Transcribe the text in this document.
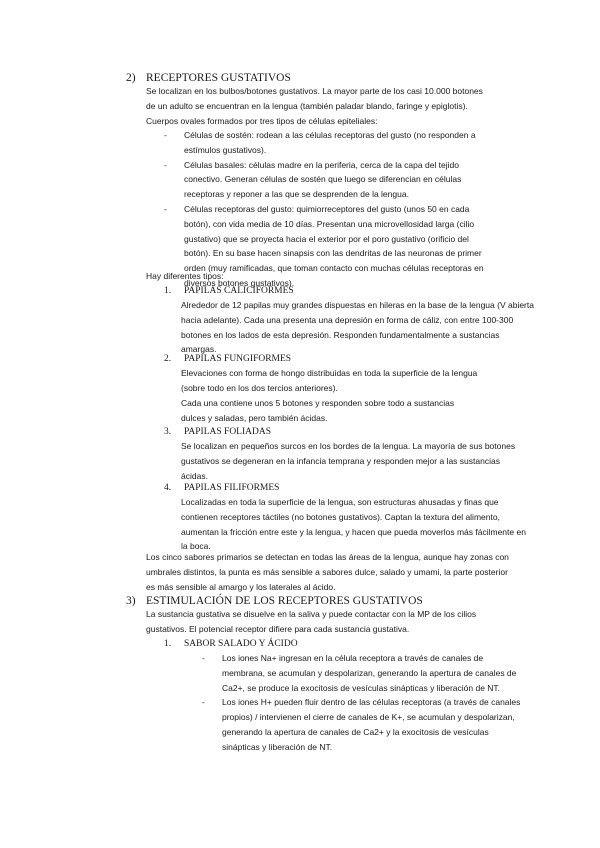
2) RECEPTORES GUSTATIVOS
Se localizan en los bulbos/botones gustativos. La mayor parte de los casi 10.000 botones de un adulto se encuentran en la lengua (también paladar blando, faringe y epiglotis). Cuerpos ovales formados por tres tipos de células epiteliales:
- Células de sostén: rodean a las células receptoras del gusto (no responden a estímulos gustativos).
- Células basales: células madre en la periferia, cerca de la capa del tejido conectivo. Generan células de sostén que luego se diferencian en células receptoras y reponer a las que se desprenden de la lengua.
- Células receptoras del gusto: quimiorreceptores del gusto (unos 50 en cada botón), con vida media de 10 días. Presentan una microvellosidad larga (cilio gustativo) que se proyecta hacia el exterior por el poro gustativo (orificio del botón). En su base hacen sinapsis con las dendritas de las neuronas de primer orden (muy ramificadas, que toman contacto con muchas células receptoras en diversos botones gustativos).
Hay diferentes tipos:
1. PAPILAS CALICIFORMES
Alrededor de 12 papilas muy grandes dispuestas en hileras en la base de la lengua (V abierta hacia adelante). Cada una presenta una depresión en forma de cáliz, con entre 100-300 botones en los lados de esta depresión. Responden fundamentalmente a sustancias amargas.
2. PAPILAS FUNGIFORMES
Elevaciones con forma de hongo distribuidas en toda la superficie de la lengua (sobre todo en los dos tercios anteriores).
Cada una contiene unos 5 botones y responden sobre todo a sustancias dulces y saladas, pero también ácidas.
3. PAPILAS FOLIADAS
Se localizan en pequeños surcos en los bordes de la lengua. La mayoría de sus botones gustativos se degeneran en la infancia temprana y responden mejor a las sustancias ácidas.
4. PAPILAS FILIFORMES
Localizadas en toda la superficie de la lengua, son estructuras ahusadas y finas que contienen receptores táctiles (no botones gustativos). Captan la textura del alimento, aumentan la fricción entre este y la lengua, y hacen que pueda moverlos más fácilmente en la boca.
Los cinco sabores primarios se detectan en todas las áreas de la lengua, aunque hay zonas con umbrales distintos, la punta es más sensible a sabores dulce, salado y umami, la parte posterior es más sensible al amargo y los laterales al ácido.
3) ESTIMULACIÓN DE LOS RECEPTORES GUSTATIVOS
La sustancia gustativa se disuelve en la saliva y puede contactar con la MP de los cilios gustativos. El potencial receptor difiere para cada sustancia gustativa.
1. SABOR SALADO Y ÁCIDO
- Los iones Na+ ingresan en la célula receptora a través de canales de membrana, se acumulan y despolarizan, generando la apertura de canales de Ca2+, se produce la exocitosis de vesículas sinápticas y liberación de NT.
- Los iones H+ pueden fluir dentro de las células receptoras (a través de canales propios) / intervienen el cierre de canales de K+, se acumulan y despolarizan, generando la apertura de canales de Ca2+ y la exocitosis de vesículas sinápticas y liberación de NT.
